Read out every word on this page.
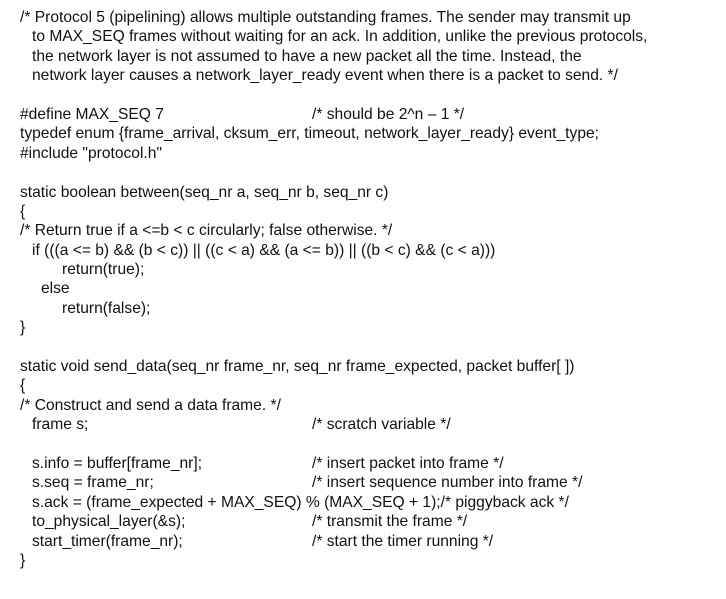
/* Protocol 5 (pipelining) allows multiple outstanding frames. The sender may transmit up
to MAX_SEQ frames without waiting for an ack. In addition, unlike the previous protocols,
the network layer is not assumed to have a new packet all the time. Instead, the
network layer causes a network_layer_ready event when there is a packet to send. */
#define MAX_SEQ 7	/* should be 2^n – 1 */
typedef enum {frame_arrival, cksum_err, timeout, network_layer_ready} event_type;
#include "protocol.h"
static boolean between(seq_nr a, seq_nr b, seq_nr c)
{
/* Return true if a <=b < c circularly; false otherwise. */
if (((a <= b) && (b < c)) || ((c < a) && (a <= b)) || ((b < c) && (c < a)))
return(true);
else
return(false);
}
static void send_data(seq_nr frame_nr, seq_nr frame_expected, packet buffer[ ])
{
/* Construct and send a data frame. */
frame s;	/* scratch variable */
s.info = buffer[frame_nr];	/* insert packet into frame */
s.seq = frame_nr;	/* insert sequence number into frame */
s.ack = (frame_expected + MAX_SEQ) % (MAX_SEQ + 1);/* piggyback ack */
to_physical_layer(&s);	/* transmit the frame */
start_timer(frame_nr);	/* start the timer running */
}
